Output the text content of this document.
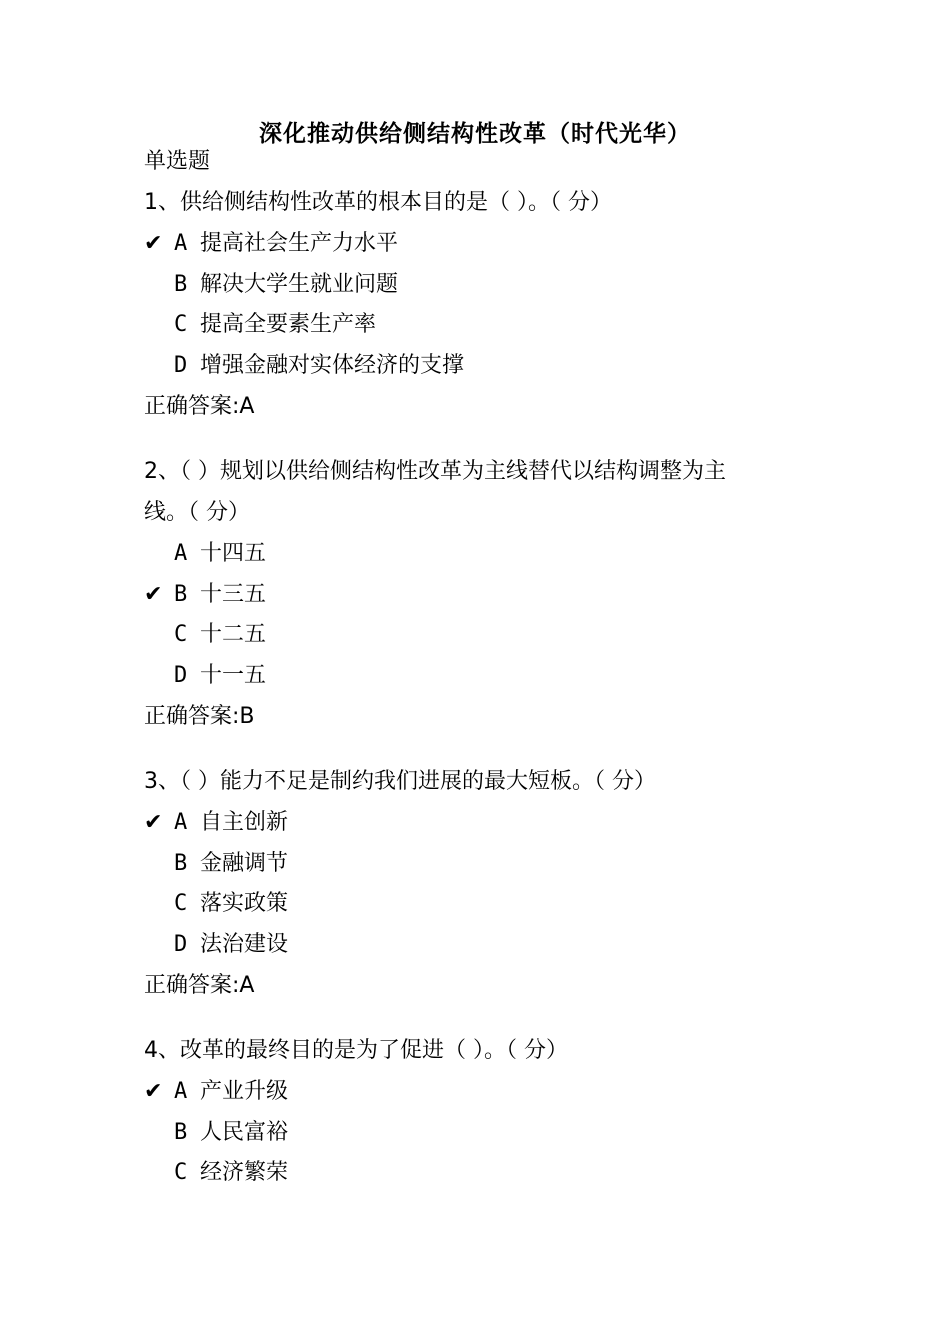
深化推动供给侧结构性改革（时代光华）
单选题
1、供给侧结构性改革的根本目的是（ ）。（ 分）
✔ A 提高社会生产力水平
B 解决大学生就业问题
C 提高全要素生产率
D 增强金融对实体经济的支撑
正确答案:A
2、（ ）规划以供给侧结构性改革为主线替代以结构调整为主
线。（ 分）
A 十四五
✔ B 十三五
C 十二五
D 十一五
正确答案:B
3、（ ）能力不足是制约我们进展的最大短板。（ 分）
✔ A 自主创新
B 金融调节
C 落实政策
D 法治建设
正确答案:A
4、改革的最终目的是为了促进（ ）。（ 分）
✔ A 产业升级
B 人民富裕
C 经济繁荣
